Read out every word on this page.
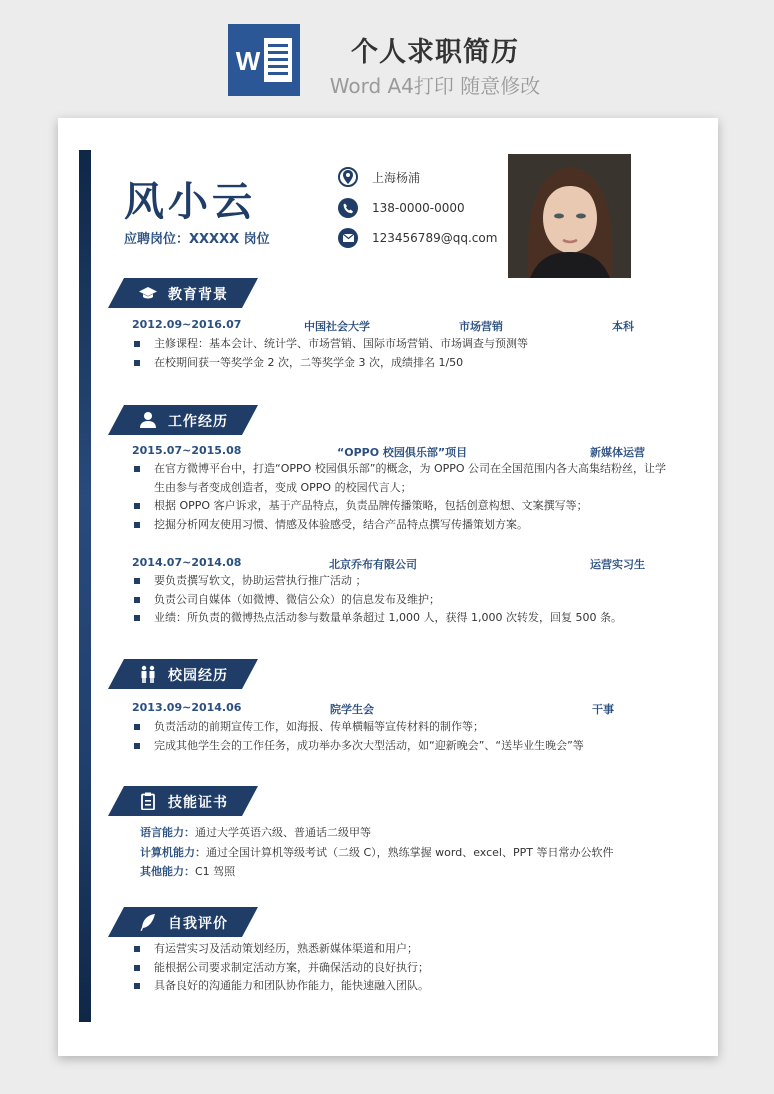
W	个人求职简历
Word A4打印 随意修改
风小云
应聘岗位：XXXXX 岗位
上海杨浦
138-0000-0000
123456789@qq.com
教育背景
2012.09~2016.07	中国社会大学	市场营销	本科
主修课程：基本会计、统计学、市场营销、国际市场营销、市场调查与预测等
在校期间获一等奖学金 2 次，二等奖学金 3 次，成绩排名 1/50
工作经历
2015.07~2015.08	“OPPO 校园俱乐部”项目	新媒体运营
在官方微博平台中，打造“OPPO 校园俱乐部”的概念，为 OPPO 公司在全国范围内各大高集结粉丝，让学生由参与者变成创造者，变成 OPPO 的校园代言人；
根据 OPPO 客户诉求，基于产品特点，负责品牌传播策略，包括创意构想、文案撰写等；
挖掘分析网友使用习惯、情感及体验感受，结合产品特点撰写传播策划方案。
2014.07~2014.08	北京乔布有限公司	运营实习生
要负责撰写软文，协助运营执行推广活动 ；
负责公司自媒体（如微博、微信公众）的信息发布及维护；
业绩：所负责的微博热点活动参与数量单条超过 1,000 人，获得 1,000 次转发，回复 500 条。
校园经历
2013.09~2014.06	院学生会	干事
负责活动的前期宣传工作，如海报、传单横幅等宣传材料的制作等；
完成其他学生会的工作任务，成功举办多次大型活动，如“迎新晚会”、“送毕业生晚会”等
技能证书
语言能力：通过大学英语六级、普通话二级甲等
计算机能力：通过全国计算机等级考试（二级 C），熟练掌握 word、excel、PPT 等日常办公软件
其他能力：C1 驾照
自我评价
有运营实习及活动策划经历，熟悉新媒体渠道和用户；
能根据公司要求制定活动方案，并确保活动的良好执行；
具备良好的沟通能力和团队协作能力，能快速融入团队。
